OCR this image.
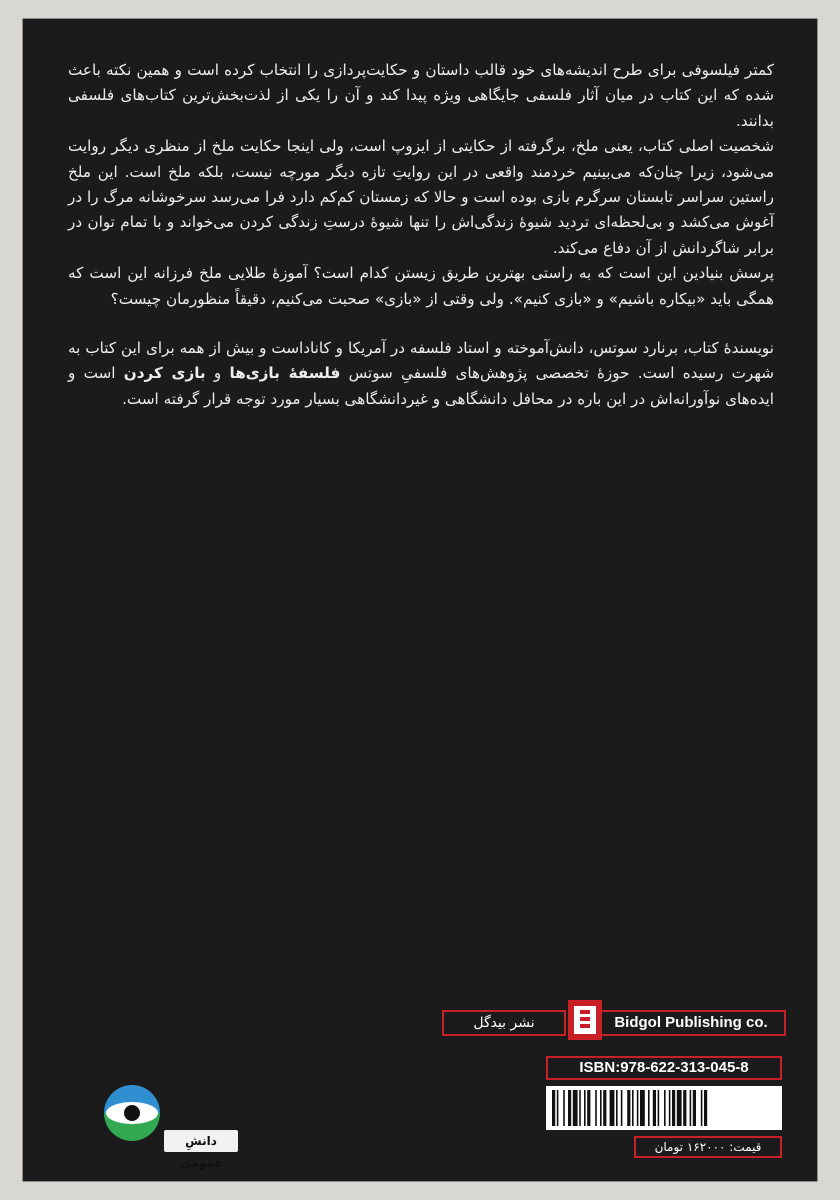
کمتر فیلسوفی برای طرح اندیشه‌های خود قالب داستان و حکایت‌پردازی را انتخاب کرده است و همین نکته باعث شده که این کتاب در میان آثار فلسفی جایگاهی ویژه پیدا کند و آن را یکی از لذت‌بخش‌ترین کتاب‌های فلسفی بدانند.

شخصیت اصلی کتاب، یعنی ملخ، برگرفته از حکایتی از ایزوپ است، ولی اینجا حکایت ملخ از منظری دیگر روایت می‌شود، زیرا چنان‌که می‌بینیم خردمند واقعی در این روایتِ تازه دیگر مورچه نیست، بلکه ملخ است. این ملخ راستین سراسر تابستان سرگرم بازی بوده است و حالا که زمستان کم‌کم دارد فرا می‌رسد سرخوشانه مرگ را در آغوش می‌کشد و بی‌لحظه‌ای تردید شیوهٔ زندگی‌اش را تنها شیوهٔ درستِ زندگی کردن می‌خواند و با تمام توان در برابر شاگردانش از آن دفاع می‌کند.

پرسش بنیادین این است که به راستی بهترین طریق زیستن کدام است؟ آموزهٔ طلایی ملخ فرزانه این است که همگی باید «بیکاره باشیم» و «بازی کنیم». ولی وقتی از «بازی» صحبت می‌کنیم، دقیقاً منظورمان چیست؟

نویسندهٔ کتاب، برنارد سوتس، دانش‌آموخته و استاد فلسفه در آمریکا و کاناداست و بیش از همه برای این کتاب به شهرت رسیده است. حوزهٔ تخصصی پژوهش‌های فلسفیِ سوتس فلسفهٔ بازی‌ها و بازی کردن است و ایده‌های نوآورانه‌اش در این باره در محافل دانشگاهی و غیردانشگاهی بسیار مورد توجه قرار گرفته است.

نشر بیدگل	Bidgol Publishing co.
ISBN:978-622-313-045-8
قیمت: ۱۶۲۰۰۰ تومان
دانشِ عمومی
